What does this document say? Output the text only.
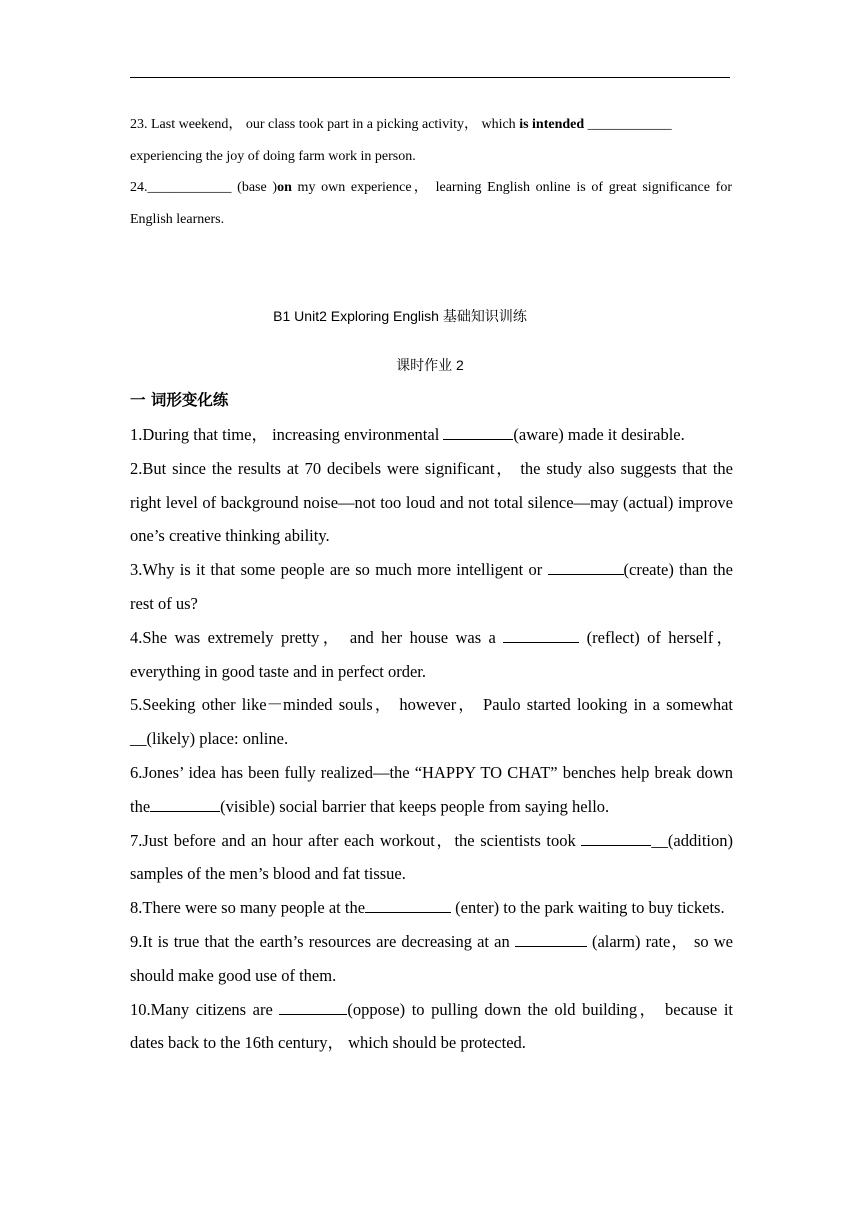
23. Last weekend， our class took part in a picking activity， which is intended ____________
experiencing the joy of doing farm work in person.

24.____________ (base )on my own experience， learning English online is of great significance for English learners.

B1 Unit2 Exploring English 基础知识训练
课时作业 2
一 词形变化练

1.During that time， increasing environmental	(aware) made it desirable.

2.But since the results at 70 decibels were significant， the study also suggests that the right level of background noise—not too loud and not total silence—may (actual) improve one’s creative thinking ability.

3.Why is it that some people are so much more intelligent or	(create) than the rest of us?

4.She was extremely pretty， and her house was a	(reflect) of herself， everything in good taste and in perfect order.

5.Seeking other like－minded souls， however， Paulo started looking in a somewhat __(likely) place: online.

6.Jones’ idea has been fully realized—the “HAPPY TO CHAT” benches help break down the	(visible) social barrier that keeps people from saying hello.

7.Just before and an hour after each workout，the scientists took	__(addition) samples of the men’s blood and fat tissue.

8.There were so many people at the	(enter) to the park waiting to buy tickets.

9.It is true that the earth’s resources are decreasing at an	(alarm) rate， so we should make good use of them.

10.Many citizens are	(oppose) to pulling down the old building， because it dates back to the 16th century， which should be protected.
